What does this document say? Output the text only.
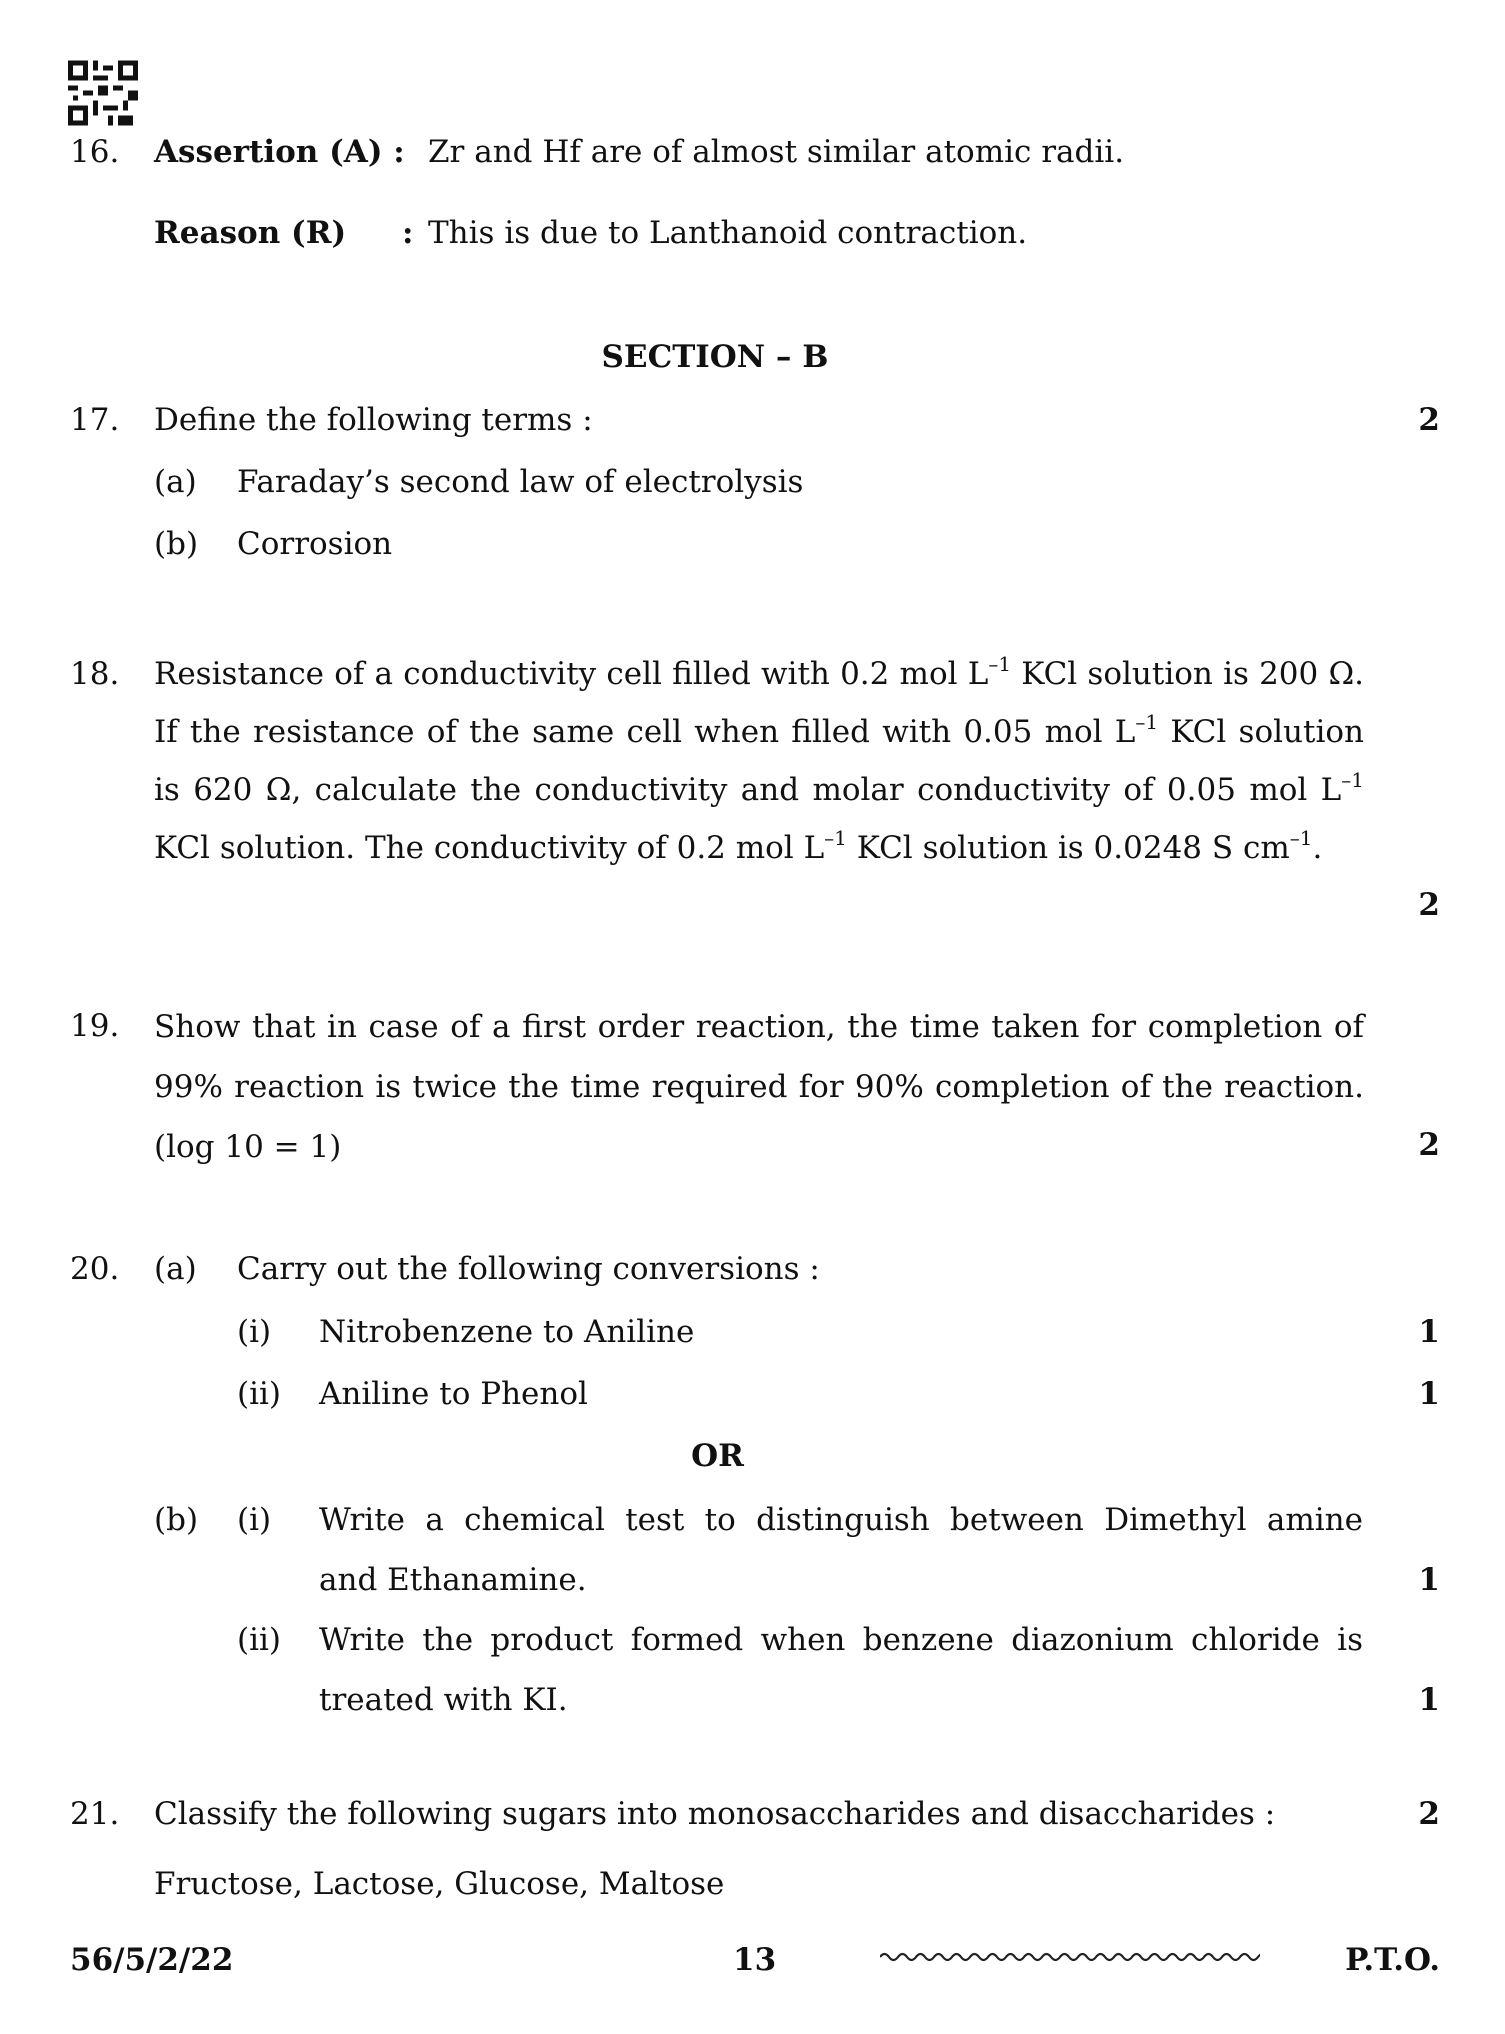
16. Assertion (A) : Zr and Hf are of almost similar atomic radii.
Reason (R) : This is due to Lanthanoid contraction.
SECTION – B
17. Define the following terms :	2
(a) Faraday’s second law of electrolysis
(b) Corrosion
18. Resistance of a conductivity cell filled with 0.2 mol $L^{-1}$ KCl solution is 200 Ω. If the resistance of the same cell when filled with 0.05 mol $L^{-1}$ KCl solution is 620 Ω, calculate the conductivity and molar conductivity of 0.05 mol $L^{-1}$ KCl solution. The conductivity of 0.2 mol $L^{-1}$ KCl solution is 0.0248 S $cm^{-1}$.
2
19. Show that in case of a first order reaction, the time taken for completion of 99% reaction is twice the time required for 90% completion of the reaction. (log 10 = 1)	2
20. (a) Carry out the following conversions :
(i) Nitrobenzene to Aniline	1
(ii) Aniline to Phenol	1
OR
(b) (i) Write a chemical test to distinguish between Dimethyl amine
and Ethanamine.	1
(ii) Write the product formed when benzene diazonium chloride is
treated with KI.	1
21. Classify the following sugars into monosaccharides and disaccharides :	2
Fructose, Lactose, Glucose, Maltose
56/5/2/22	13	P.T.O.
